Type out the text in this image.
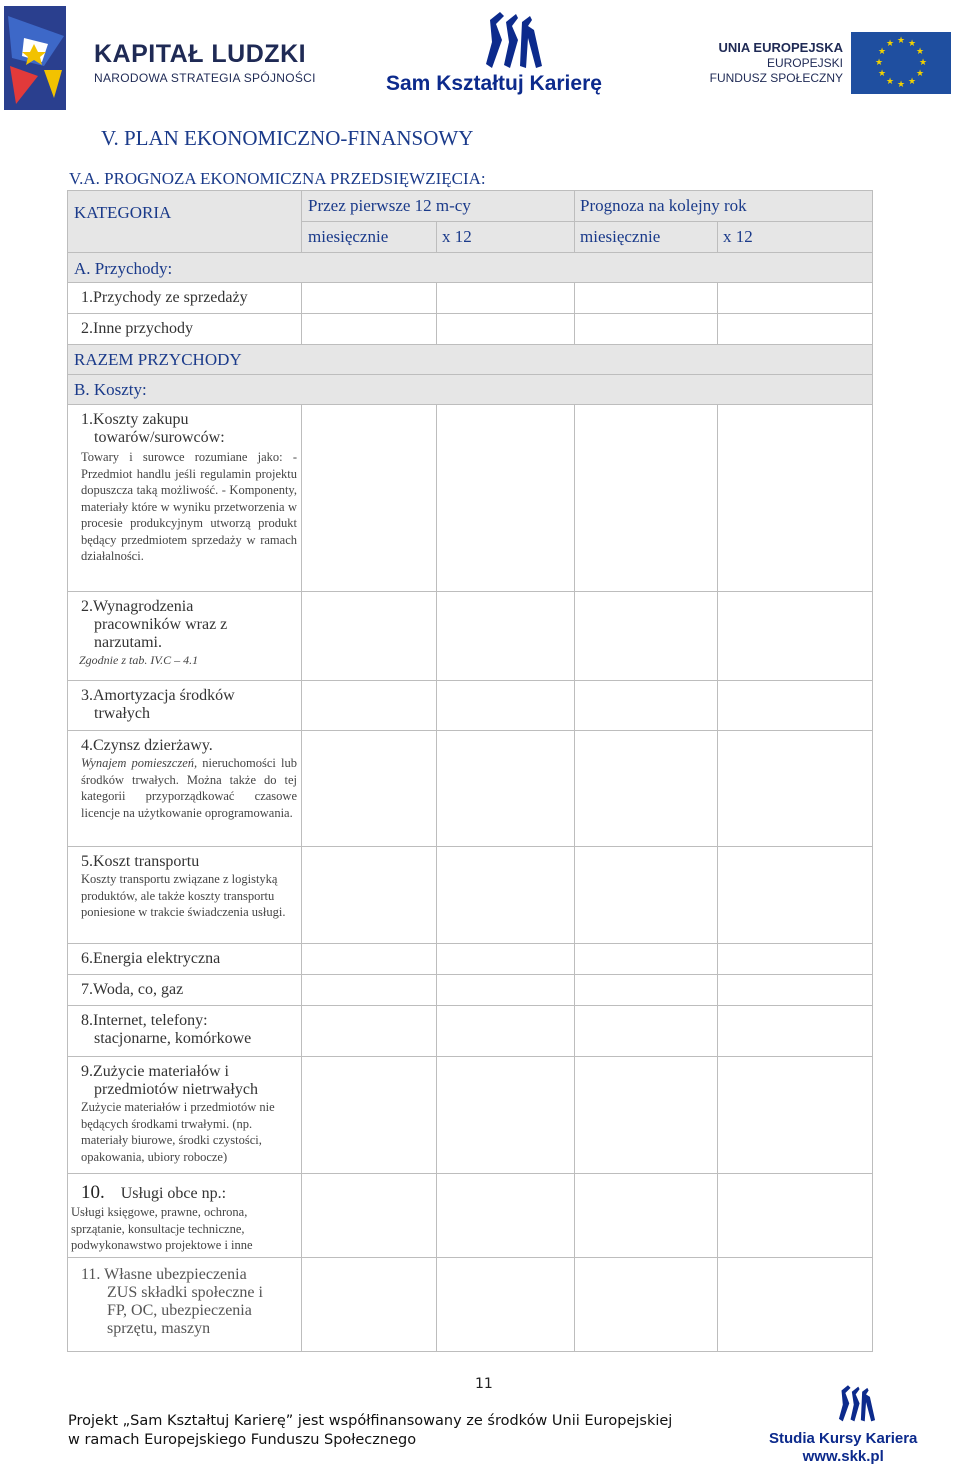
KAPITAŁ LUDZKI
NARODOWA STRATEGIA SPÓJNOŚCI	Sam Kształtuj Karierę
UNIA EUROPEJSKA
EUROPEJSKI
FUNDUSZ SPOŁECZNY
★ ★
★
★
★
★
★
★
★
★
★
★
V. PLAN EKONOMICZNO-FINANSOWY
V.A. PROGNOZA EKONOMICZNA PRZEDSIĘWZIĘCIA:
KATEGORIA	Przez pierwsze 12 m-cy		Prognoza na kolejny rok	
	miesięcznie	x 12	miesięcznie	x 12
A. Przychody:				
1.Przychody ze sprzedaży				
2.Inne przychody				
RAZEM PRZYCHODY				
B. Koszty:				

1.Koszty zakupu
towarów/surowców:
Towary i surowce rozumiane jako: - Przedmiot handlu jeśli regulamin projektu dopuszcza taką możliwość. - Komponenty, materiały które w wyniku przetworzenia w procesie produkcyjnym utworzą produkt będący przedmiotem sprzedaży w ramach działalności.				

2.Wynagrodzenia
pracowników wraz z
narzutami.
Zgodnie z tab. IV.C – 4.1				

3.Amortyzacja środków
trwałych				

4.Czynsz dzierżawy.
Wynajem pomieszczeń, nieruchomości lub środków trwałych. Można także do tej kategorii przyporządkować czasowe licencje na użytkowanie oprogramowania.				

5.Koszt transportu
Koszty transportu związane z logistyką produktów, ale także koszty transportu poniesione w trakcie świadczenia usługi.				

6.Energia elektryczna				
7.Woda, co, gaz				

8.Internet, telefony:
stacjonarne, komórkowe				

9.Zużycie materiałów i
przedmiotów nietrwałych
Zużycie materiałów i przedmiotów nie będących środkami trwałymi. (np. materiały biurowe, środki czystości, opakowania, ubiory robocze)				

10. Usługi obce np.:
Usługi księgowe, prawne, ochrona, sprzątanie, konsultacje techniczne, podwykonawstwo projektowe i inne				

11. Własne ubezpieczenia
ZUS składki społeczne i
FP, OC, ubezpieczenia
sprzętu, maszyn				

11
Projekt „Sam Kształtuj Karierę” jest współfinansowany ze środków Unii Europejskiej
w ramach Europejskiego Funduszu Społecznego	Studia Kursy Kariera
www.skk.pl
